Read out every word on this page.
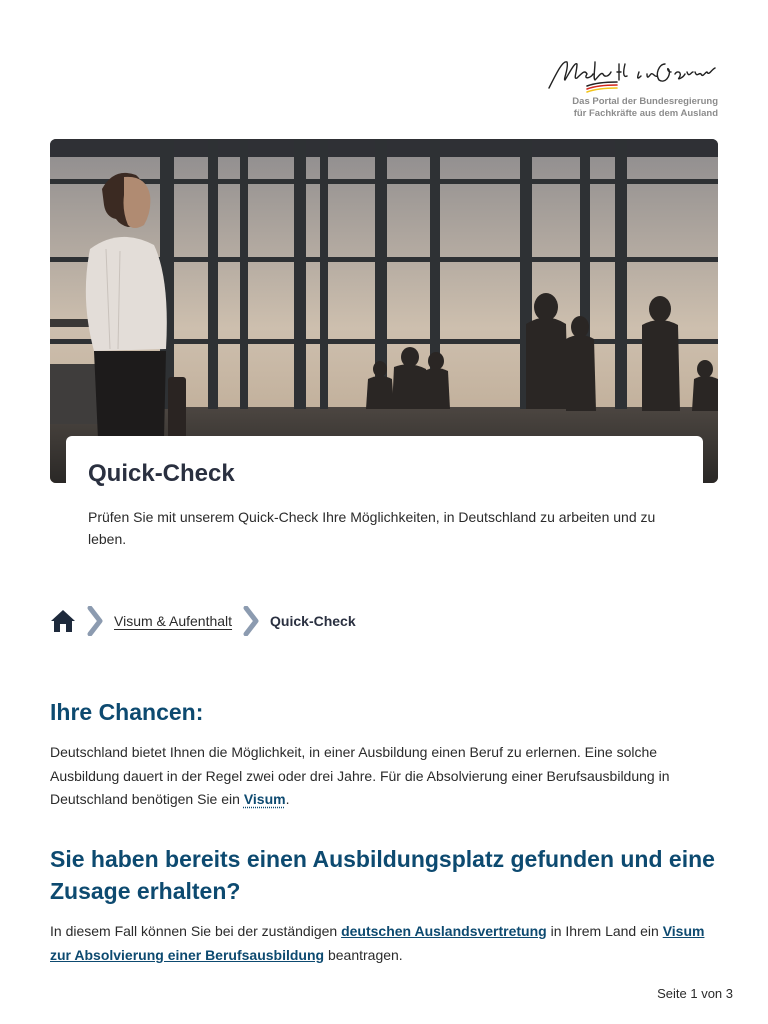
Das Portal der Bundesregierung
für Fachkräfte aus dem Ausland
Quick-Check

Prüfen Sie mit unserem Quick-Check Ihre Möglichkeiten, in Deutschland zu arbeiten und zu leben.

Visum & Aufenthalt	Quick-Check
Ihre Chancen:

Deutschland bietet Ihnen die Möglichkeit, in einer Ausbildung einen Beruf zu erlernen. Eine solche Ausbildung dauert in der Regel zwei oder drei Jahre. Für die Absolvierung einer Berufsausbildung in Deutschland benötigen Sie ein Visum.

Sie haben bereits einen Ausbildungsplatz gefunden und eine Zusage erhalten?

In diesem Fall können Sie bei der zuständigen deutschen Auslandsvertretung in Ihrem Land ein Visum zur Absolvierung einer Berufsausbildung beantragen.

Seite 1 von 3
